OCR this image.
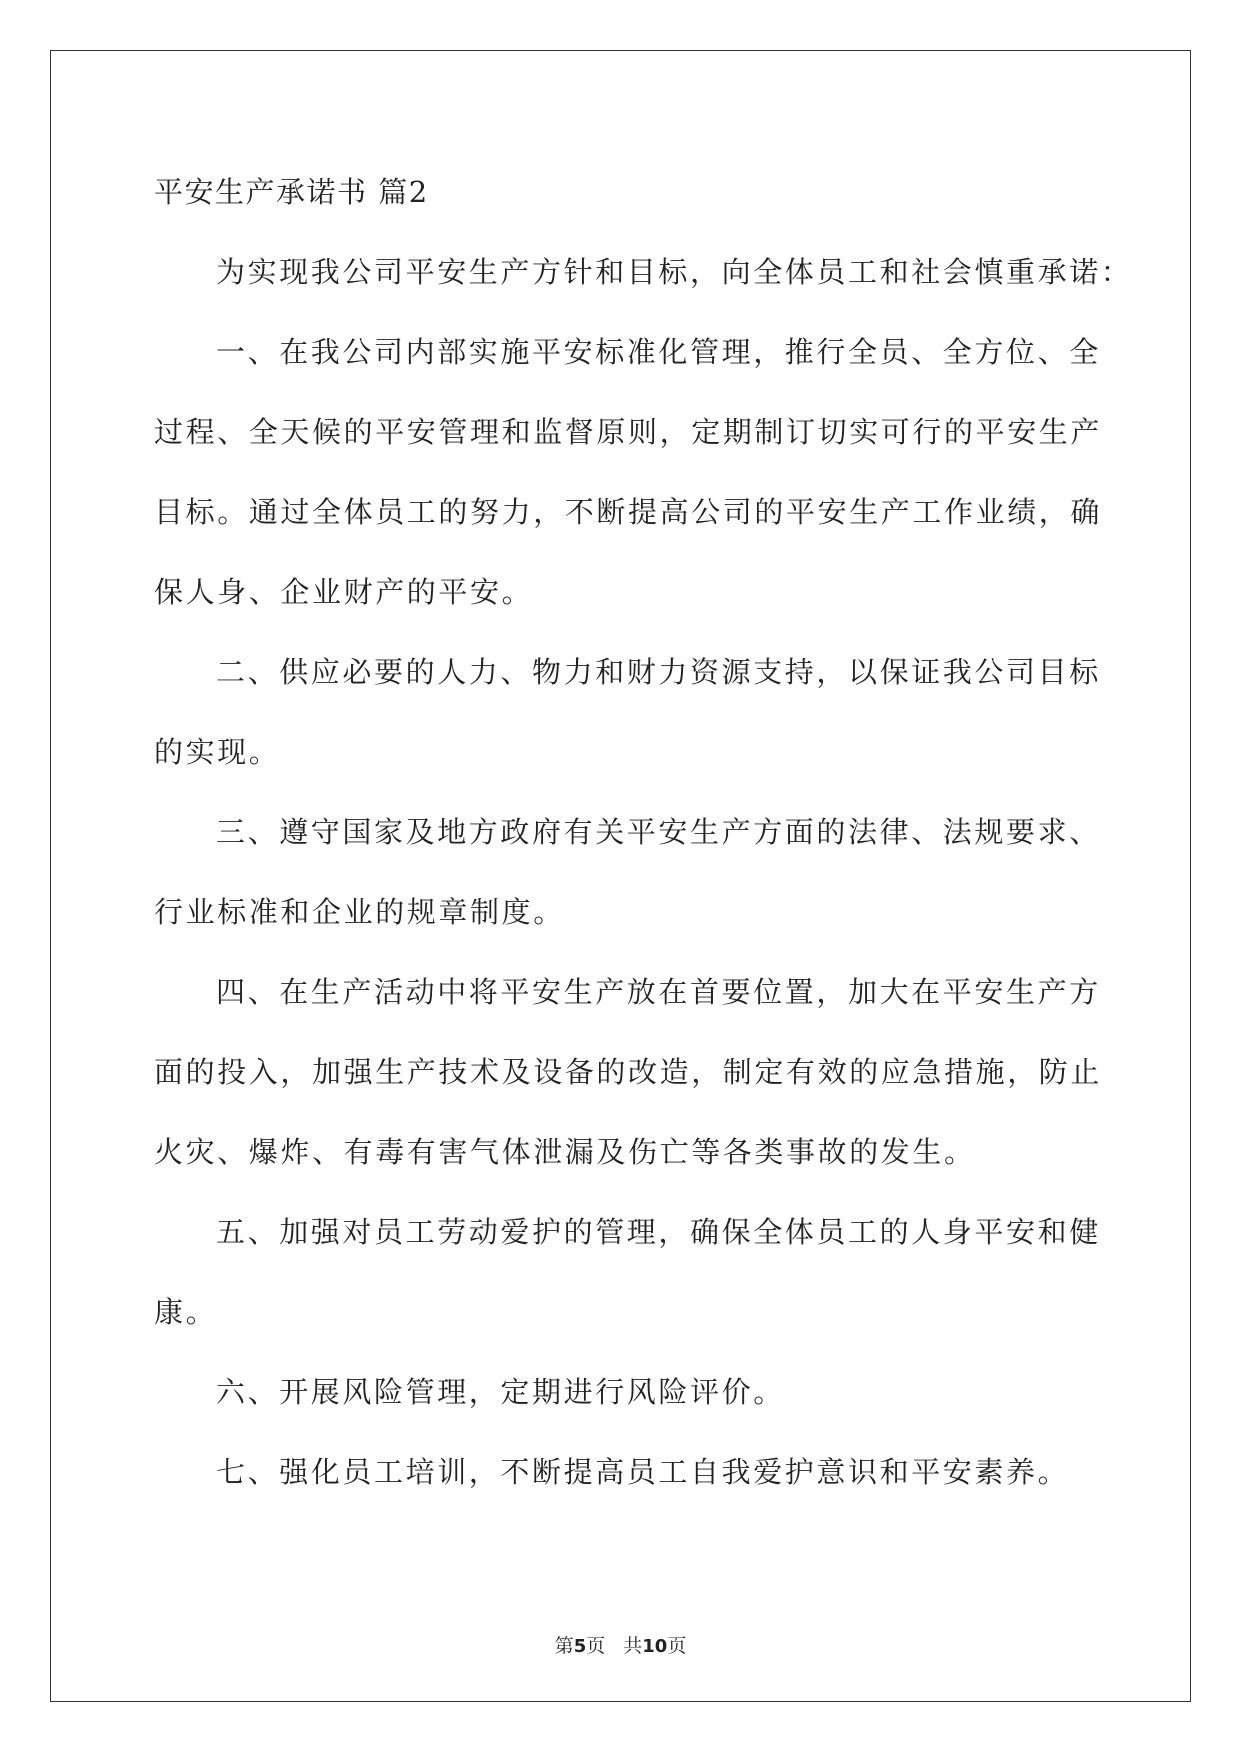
平安生产承诺书 篇2
为实现我公司平安生产方针和目标，向全体员工和社会慎重承诺：
一、在我公司内部实施平安标准化管理，推行全员、全方位、全
过程、全天候的平安管理和监督原则，定期制订切实可行的平安生产
目标。通过全体员工的努力，不断提高公司的平安生产工作业绩，确
保人身、企业财产的平安。
二、供应必要的人力、物力和财力资源支持，以保证我公司目标
的实现。
三、遵守国家及地方政府有关平安生产方面的法律、法规要求、
行业标准和企业的规章制度。
四、在生产活动中将平安生产放在首要位置，加大在平安生产方
面的投入，加强生产技术及设备的改造，制定有效的应急措施，防止
火灾、爆炸、有毒有害气体泄漏及伤亡等各类事故的发生。
五、加强对员工劳动爱护的管理，确保全体员工的人身平安和健
康。
六、开展风险管理，定期进行风险评价。
七、强化员工培训，不断提高员工自我爱护意识和平安素养。
第5页 共10页
